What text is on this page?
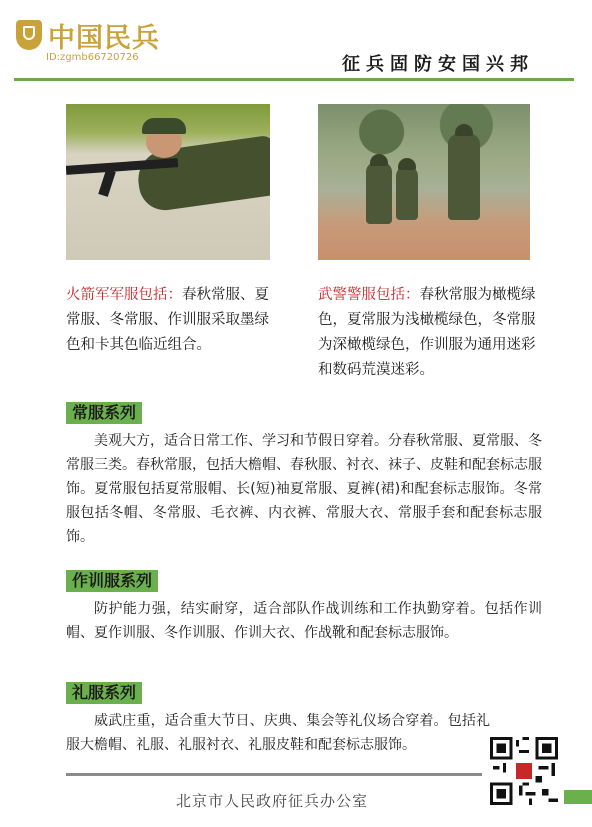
中国民兵
ID:zgmb66720726	征兵固防安国兴邦
火箭军军服包括：春秋常服、夏常服、冬常服、作训服采取墨绿色和卡其色临近组合。
武警警服包括：春秋常服为橄榄绿色，夏常服为浅橄榄绿色，冬常服为深橄榄绿色，作训服为通用迷彩和数码荒漠迷彩。
常服系列
美观大方，适合日常工作、学习和节假日穿着。分春秋常服、夏常服、冬常服三类。春秋常服，包括大檐帽、春秋服、衬衣、袜子、皮鞋和配套标志服饰。夏常服包括夏常服帽、长(短)袖夏常服、夏裤(裙)和配套标志服饰。冬常服包括冬帽、冬常服、毛衣裤、内衣裤、常服大衣、常服手套和配套标志服饰。
作训服系列
防护能力强，结实耐穿，适合部队作战训练和工作执勤穿着。包括作训帽、夏作训服、冬作训服、作训大衣、作战靴和配套标志服饰。
礼服系列
威武庄重，适合重大节日、庆典、集会等礼仪场合穿着。包括礼服大檐帽、礼服、礼服衬衣、礼服皮鞋和配套标志服饰。
北京市人民政府征兵办公室
